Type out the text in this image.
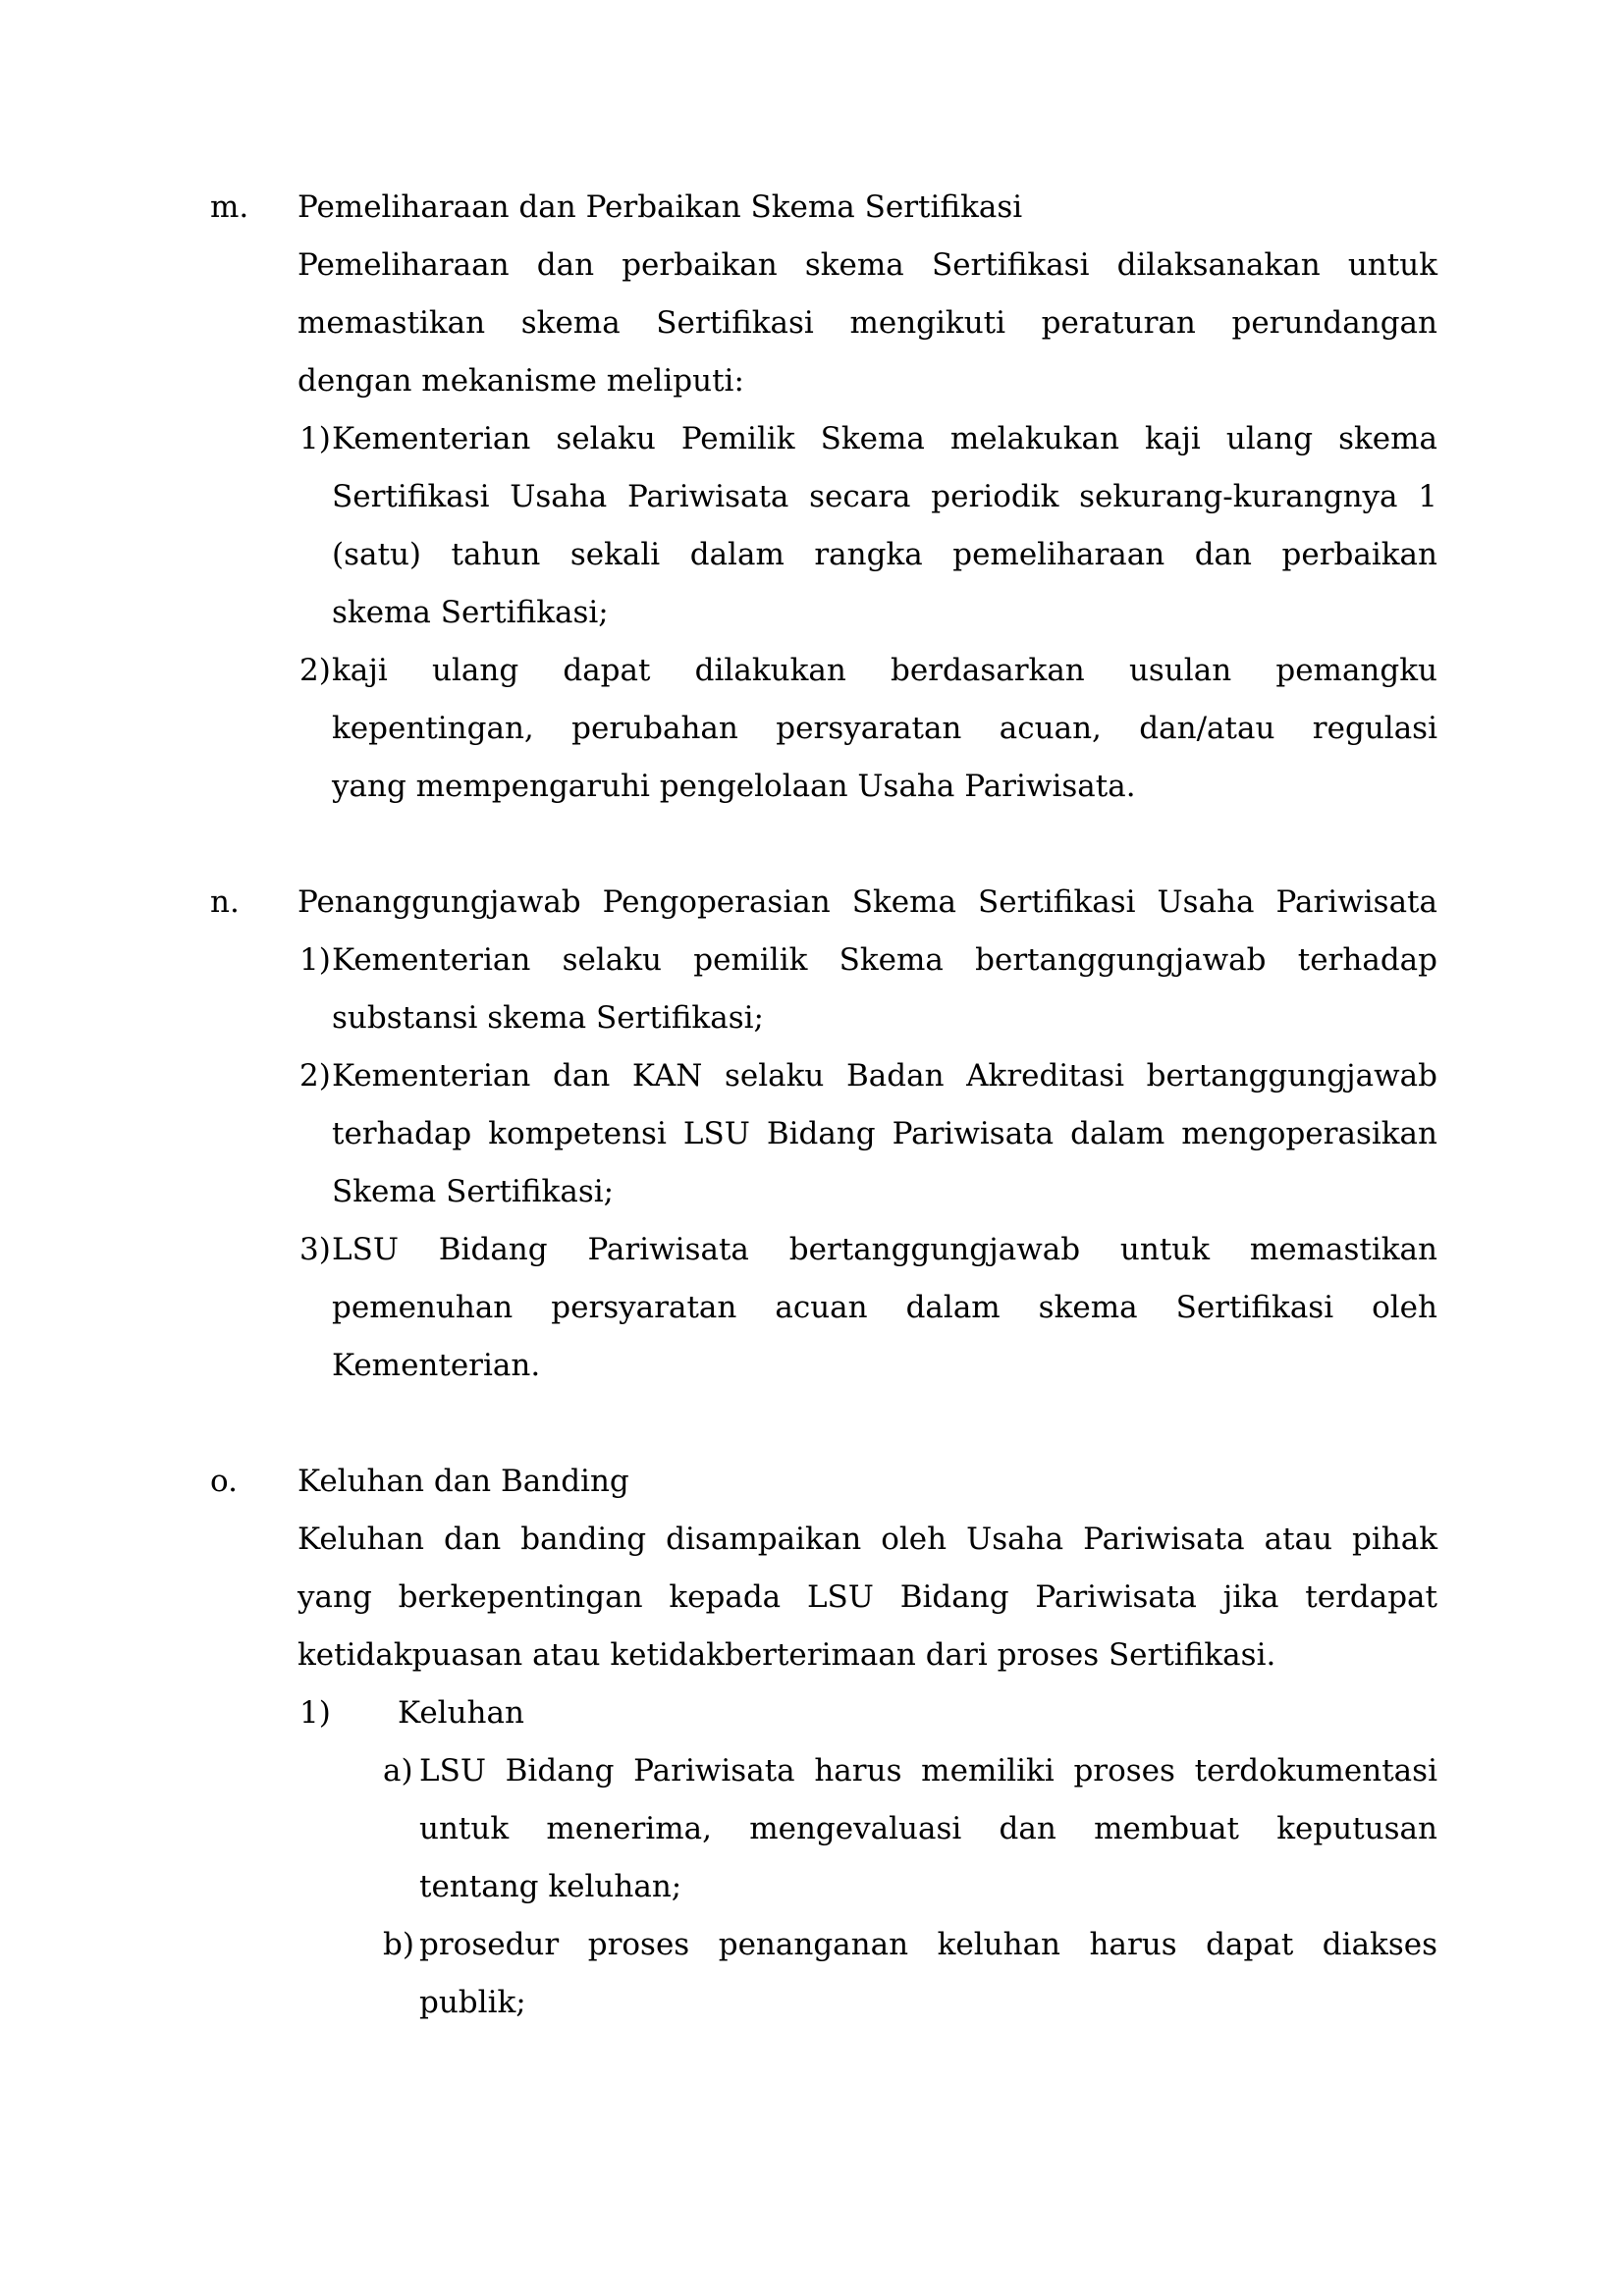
m.	Pemeliharaan dan Perbaikan Skema Sertifikasi
Pemeliharaan dan perbaikan skema Sertifikasi dilaksanakan untuk
memastikan skema Sertifikasi mengikuti peraturan perundangan
dengan mekanisme meliputi:
1) Kementerian selaku Pemilik Skema melakukan kaji ulang skema
Sertifikasi Usaha Pariwisata secara periodik sekurang-kurangnya 1
(satu) tahun sekali dalam rangka pemeliharaan dan perbaikan
skema Sertifikasi;
2) kaji ulang dapat dilakukan berdasarkan usulan pemangku
kepentingan, perubahan persyaratan acuan, dan/atau regulasi
yang mempengaruhi pengelolaan Usaha Pariwisata.
n.	Penanggungjawab Pengoperasian Skema Sertifikasi Usaha Pariwisata
1) Kementerian selaku pemilik Skema bertanggungjawab terhadap
substansi skema Sertifikasi;
2) Kementerian dan KAN selaku Badan Akreditasi bertanggungjawab
terhadap kompetensi LSU Bidang Pariwisata dalam mengoperasikan
Skema Sertifikasi;
3) LSU Bidang Pariwisata bertanggungjawab untuk memastikan
pemenuhan persyaratan acuan dalam skema Sertifikasi oleh
Kementerian.
o.	Keluhan dan Banding
Keluhan dan banding disampaikan oleh Usaha Pariwisata atau pihak
yang berkepentingan kepada LSU Bidang Pariwisata jika terdapat
ketidakpuasan atau ketidakberterimaan dari proses Sertifikasi.
1)	Keluhan
a) LSU Bidang Pariwisata harus memiliki proses terdokumentasi
untuk menerima, mengevaluasi dan membuat keputusan
tentang keluhan;
b) prosedur proses penanganan keluhan harus dapat diakses
publik;
